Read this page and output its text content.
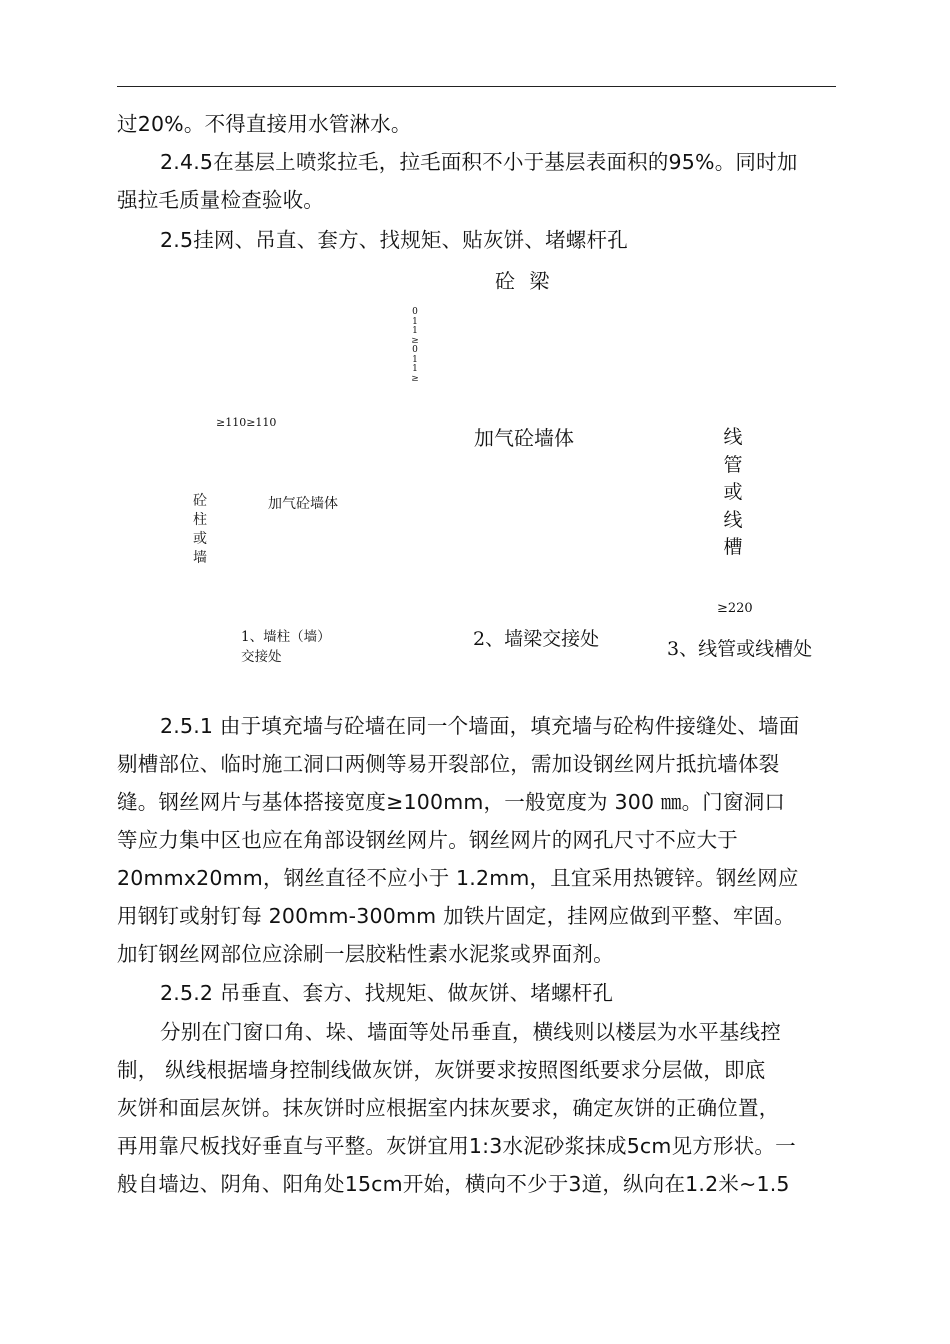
过20%。不得直接用水管淋水。
2.4.5在基层上喷浆拉毛，拉毛面积不小于基层表面积的95%。同时加
强拉毛质量检查验收。
2.5挂网、吊直、套方、找规矩、贴灰饼、堵螺杆孔
砼 梁
0
1
1
≥
0
1
1
≥
≥110≥110
加气砼墙体	线
管
或
线
槽
砼
柱
或
墙
加气砼墙体
≥220
1、墙柱（墙）
交接处
2、墙梁交接处	3、线管或线槽处
2.5.1 由于填充墙与砼墙在同一个墙面，填充墙与砼构件接缝处、墙面
剔槽部位、临时施工洞口两侧等易开裂部位，需加设钢丝网片抵抗墙体裂
缝。钢丝网片与基体搭接宽度≥100mm，一般宽度为 300 ㎜。门窗洞口
等应力集中区也应在角部设钢丝网片。钢丝网片的网孔尺寸不应大于
20mmx20mm，钢丝直径不应小于 1.2mm，且宜采用热镀锌。钢丝网应
用钢钉或射钉每 200mm-300mm 加铁片固定，挂网应做到平整、牢固。
加钉钢丝网部位应涂刷一层胶粘性素水泥浆或界面剂。
2.5.2 吊垂直、套方、找规矩、做灰饼、堵螺杆孔
分别在门窗口角、垛、墙面等处吊垂直，横线则以楼层为水平基线控
制， 纵线根据墙身控制线做灰饼，灰饼要求按照图纸要求分层做，即底
灰饼和面层灰饼。抹灰饼时应根据室内抹灰要求，确定灰饼的正确位置，
再用靠尺板找好垂直与平整。灰饼宜用1:3水泥砂浆抹成5cm见方形状。一
般自墙边、阴角、阳角处15cm开始，横向不少于3道，纵向在1.2米~1.5
